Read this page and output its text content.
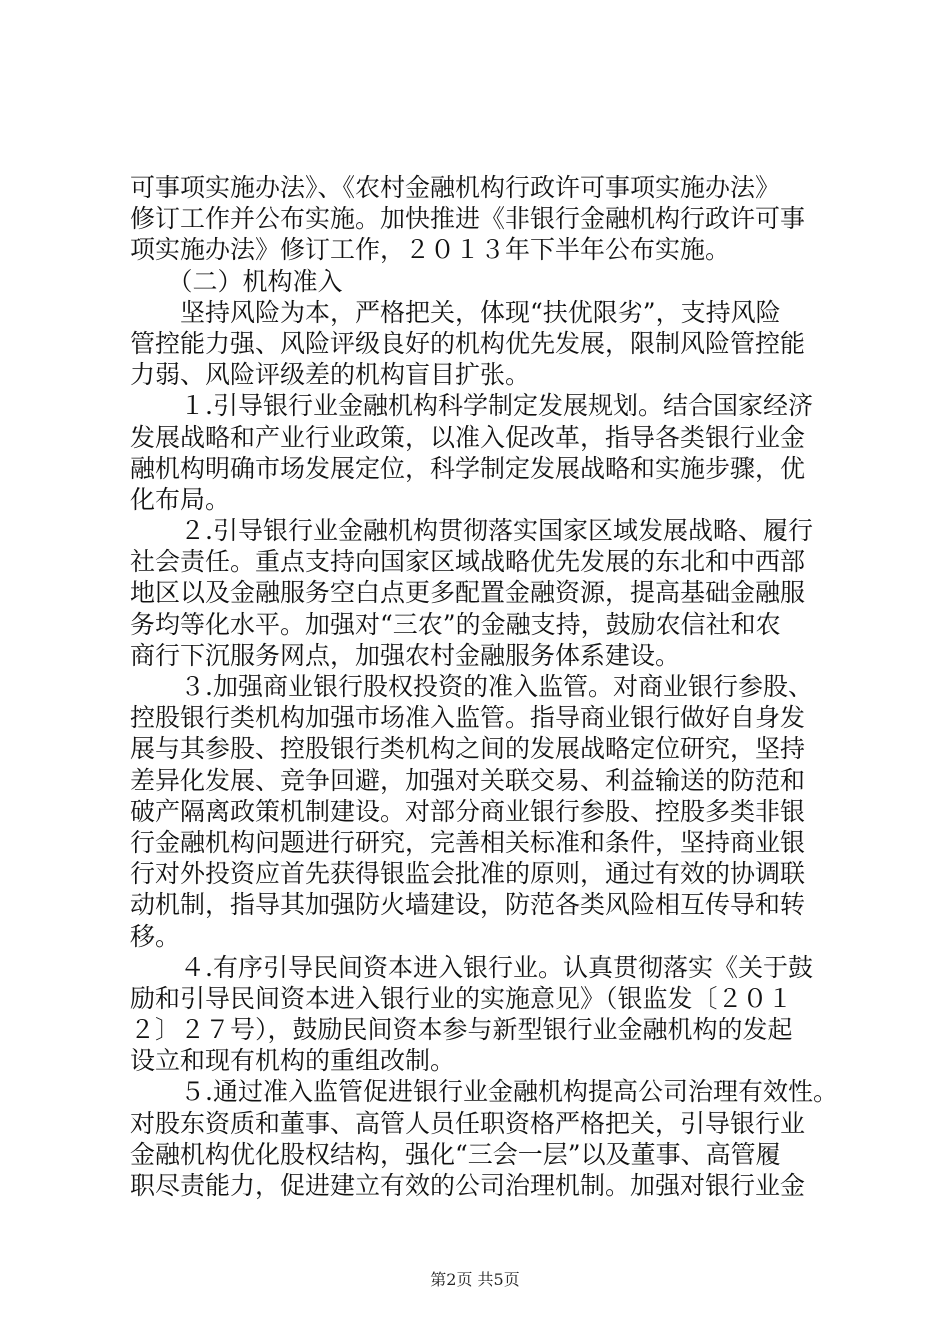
可事项实施办法》、《农村金融机构行政许可事项实施办法》
修订工作并公布实施。加快推进《非银行金融机构行政许可事
项实施办法》修订工作，２０１３年下半年公布实施。
　　（二）机构准入
　　坚持风险为本，严格把关，体现“扶优限劣”，支持风险
管控能力强、风险评级良好的机构优先发展，限制风险管控能
力弱、风险评级差的机构盲目扩张。
　　１.引导银行业金融机构科学制定发展规划。结合国家经济
发展战略和产业行业政策，以准入促改革，指导各类银行业金
融机构明确市场发展定位，科学制定发展战略和实施步骤，优
化布局。
　　２.引导银行业金融机构贯彻落实国家区域发展战略、履行
社会责任。重点支持向国家区域战略优先发展的东北和中西部
地区以及金融服务空白点更多配置金融资源，提高基础金融服
务均等化水平。加强对“三农”的金融支持，鼓励农信社和农
商行下沉服务网点，加强农村金融服务体系建设。
　　３.加强商业银行股权投资的准入监管。对商业银行参股、
控股银行类机构加强市场准入监管。指导商业银行做好自身发
展与其参股、控股银行类机构之间的发展战略定位研究，坚持
差异化发展、竞争回避，加强对关联交易、利益输送的防范和
破产隔离政策机制建设。对部分商业银行参股、控股多类非银
行金融机构问题进行研究，完善相关标准和条件，坚持商业银
行对外投资应首先获得银监会批准的原则，通过有效的协调联
动机制，指导其加强防火墙建设，防范各类风险相互传导和转
移。
　　４.有序引导民间资本进入银行业。认真贯彻落实《关于鼓
励和引导民间资本进入银行业的实施意见》（银监发〔２０１
２〕２７号），鼓励民间资本参与新型银行业金融机构的发起
设立和现有机构的重组改制。
　　５.通过准入监管促进银行业金融机构提高公司治理有效性。
对股东资质和董事、高管人员任职资格严格把关，引导银行业
金融机构优化股权结构，强化“三会一层”以及董事、高管履
职尽责能力，促进建立有效的公司治理机制。加强对银行业金
第2页 共5页
